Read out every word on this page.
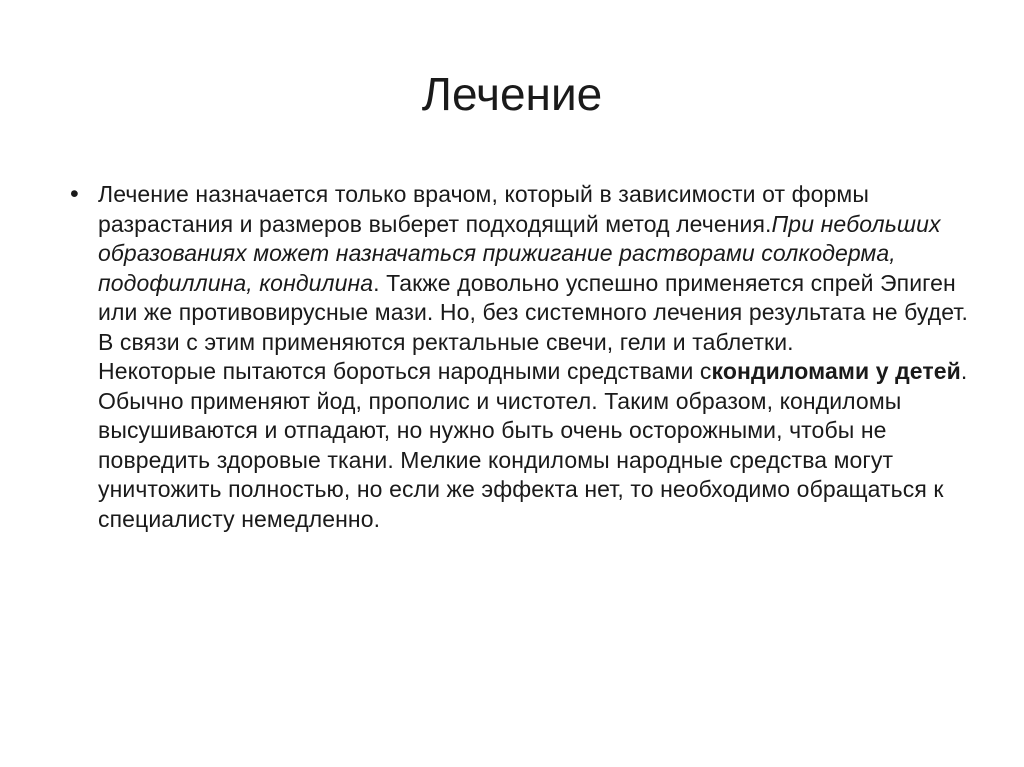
Лечение
• Лечение назначается только врачом, который в зависимости от формы разрастания и размеров выберет подходящий метод лечения.При небольших образованиях может назначаться прижигание растворами солкодерма, подофиллина, кондилина. Также довольно успешно применяется спрей Эпиген или же противовирусные мази. Но, без системного лечения результата не будет. В связи с этим применяются ректальные свечи, гели и таблетки.

Некоторые пытаются бороться народными средствами скондиломами у детей. Обычно применяют йод, прополис и чистотел. Таким образом, кондиломы высушиваются и отпадают, но нужно быть очень осторожными, чтобы не повредить здоровые ткани. Мелкие кондиломы народные средства могут уничтожить полностью, но если же эффекта нет, то необходимо обращаться к специалисту немедленно.
